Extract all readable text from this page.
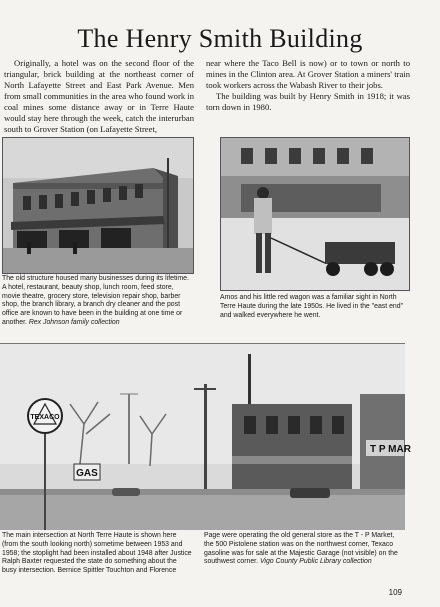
The Henry Smith Building

Originally, a hotel was on the second floor of the triangular, brick building at the northeast corner of North Lafayette Street and East Park Avenue. Men from small communities in the area who found work in coal mines some distance away or in Terre Haute would stay here through the week, catch the interurban south to Grover Station (on Lafayette Street,

near where the Taco Bell is now) or to town or north to mines in the Clinton area. At Grover Station a miners' train took workers across the Wabash River to their jobs.

The building was built by Henry Smith in 1918; it was torn down in 1980.

The old structure housed many businesses during its lifetime. A hotel, restaurant, beauty shop, lunch room, feed store, movie theatre, grocery store, television repair shop, barber shop, the branch library, a branch dry cleaner and the post office are known to have been in the building at one time or another. Rex Johnson family collection
Amos and his little red wagon was a familiar sight in North Terre Haute during the late 1950s. He lived in the "east end" and walked everywhere he went.
T P MAR
TEXACO
GAS
The main intersection at North Terre Haute is shown here (from the south looking north) sometime between 1953 and 1958; the stoplight had been installed about 1948 after Justice Ralph Baxter requested the state do something about the busy intersection. Bernice Spittler Touchton and Florence
Page were operating the old general store as the T - P Market, the 500 Pistolene station was on the northwest corner, Texaco gasoline was for sale at the Majestic Garage (not visible) on the southwest corner. Vigo County Public Library collection
109
